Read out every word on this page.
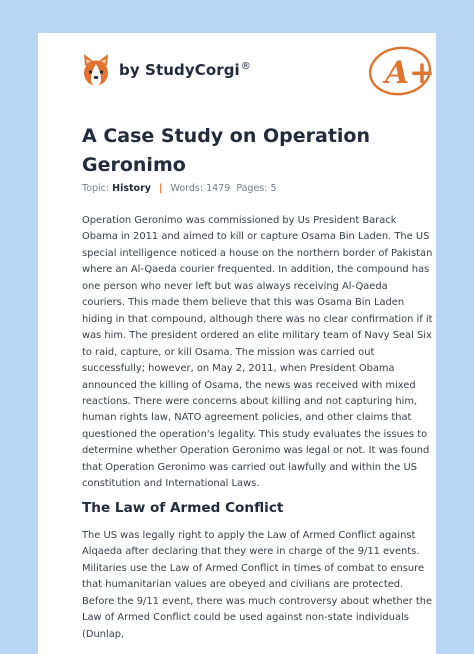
by StudyCorgi®	A+
A Case Study on Operation Geronimo
Topic: History | Words: 1479 Pages: 5

Operation Geronimo was commissioned by Us President Barack Obama in 2011 and aimed to kill or capture Osama Bin Laden. The US special intelligence noticed a house on the northern border of Pakistan where an Al-Qaeda courier frequented. In addition, the compound has one person who never left but was always receiving Al-Qaeda couriers. This made them believe that this was Osama Bin Laden hiding in that compound, although there was no clear confirmation if it was him. The president ordered an elite military team of Navy Seal Six to raid, capture, or kill Osama. The mission was carried out successfully; however, on May 2, 2011, when President Obama announced the killing of Osama, the news was received with mixed reactions. There were concerns about killing and not capturing him, human rights law, NATO agreement policies, and other claims that questioned the operation's legality. This study evaluates the issues to determine whether Operation Geronimo was legal or not. It was found that Operation Geronimo was carried out lawfully and within the US constitution and International Laws.

The Law of Armed Conflict

The US was legally right to apply the Law of Armed Conflict against Alqaeda after declaring that they were in charge of the 9/11 events. Militaries use the Law of Armed Conflict in times of combat to ensure that humanitarian values are obeyed and civilians are protected. Before the 9/11 event, there was much controversy about whether the Law of Armed Conflict could be used against non-state individuals (Dunlap,
